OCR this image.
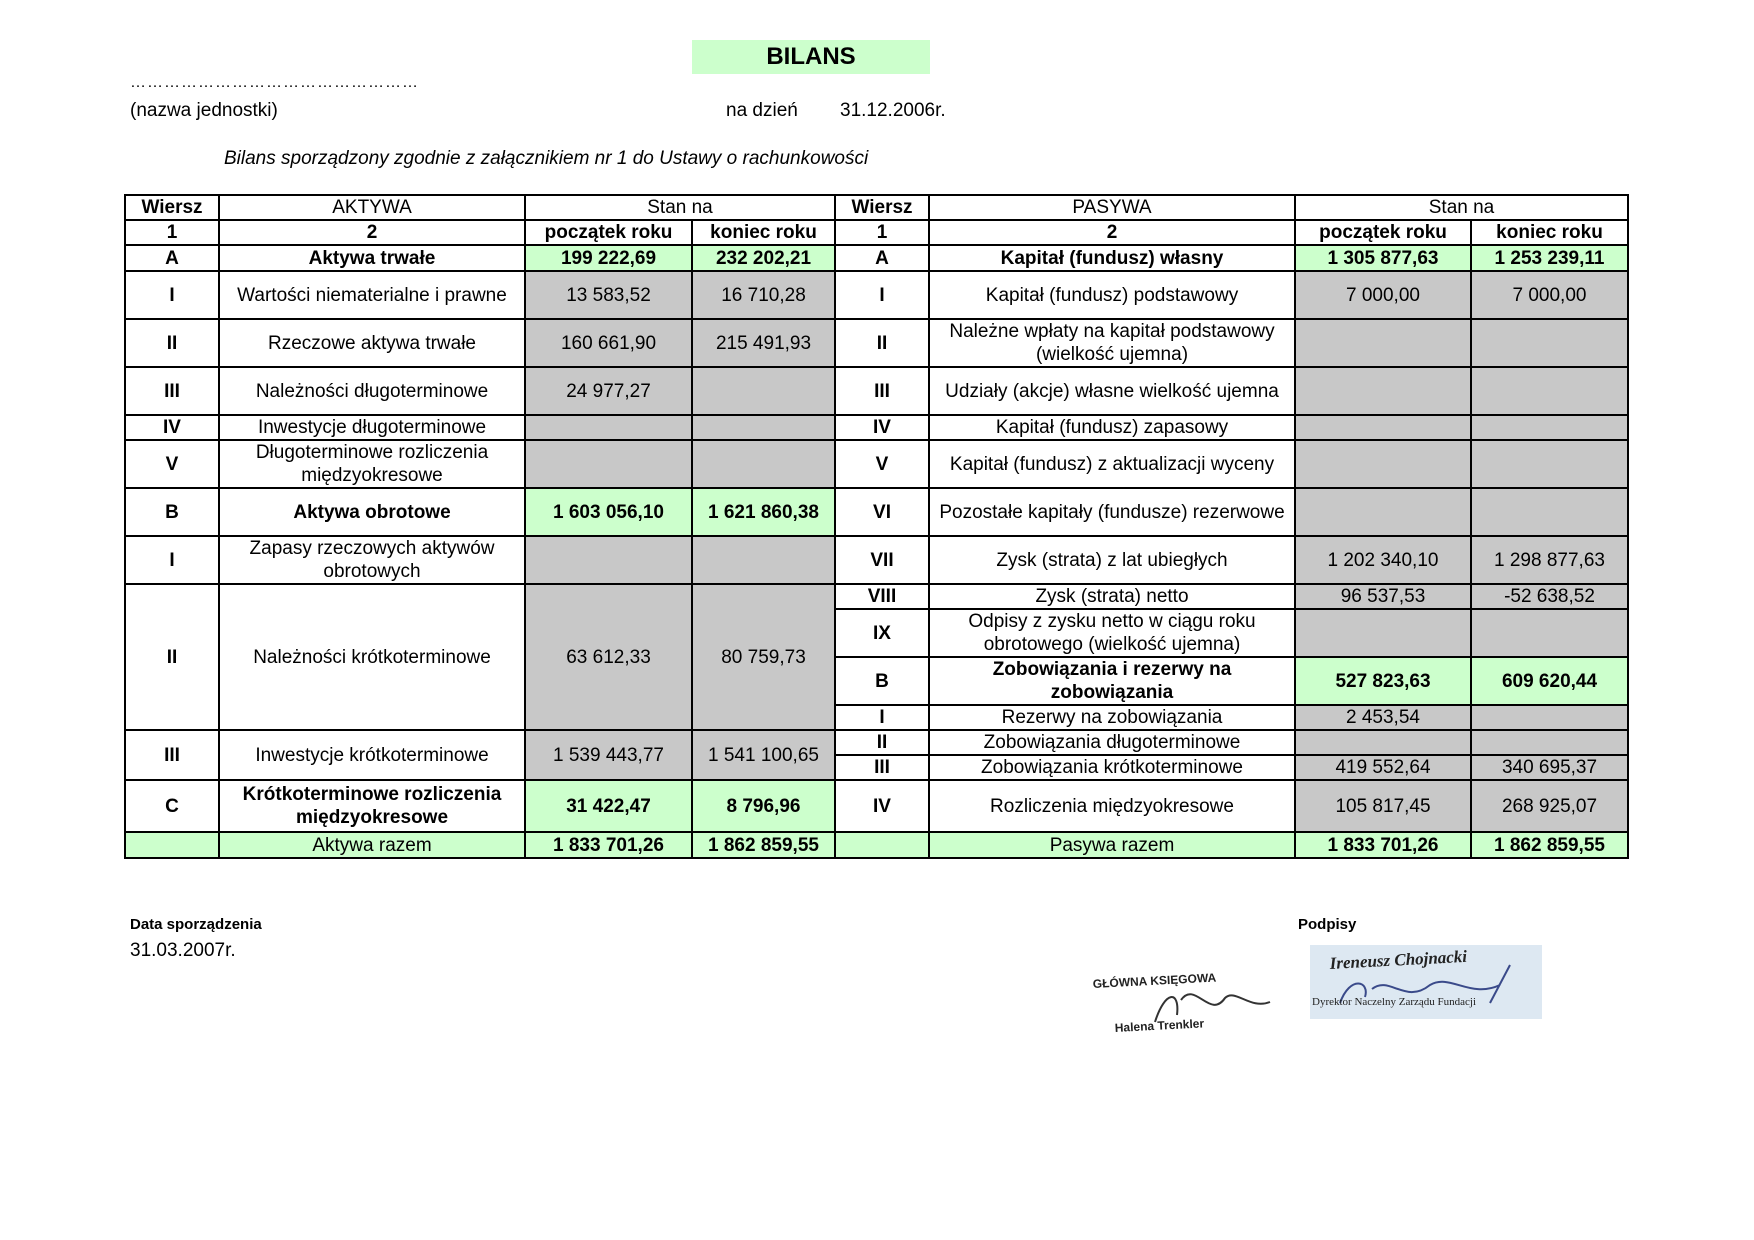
BILANS
……………………………………………
(nazwa jednostki)	na dzień 31.12.2006r.
Bilans sporządzony zgodnie z załącznikiem nr 1 do Ustawy o rachunkowości
Wiersz	AKTYWA	Stan na		Wiersz	PASYWA	Stan na	
1	2	początek roku	koniec roku	1	2	początek roku	koniec roku
A	Aktywa trwałe	199 222,69	232 202,21	A	Kapitał (fundusz) własny	1 305 877,63	1 253 239,11
I	Wartości niematerialne i prawne	13 583,52	16 710,28	I	Kapitał (fundusz) podstawowy	7 000,00	7 000,00
II	Rzeczowe aktywa trwałe	160 661,90	215 491,93	II	Należne wpłaty na kapitał podstawowy (wielkość ujemna)		
III	Należności długoterminowe	24 977,27		III	Udziały (akcje) własne wielkość ujemna		
IV	Inwestycje długoterminowe			IV	Kapitał (fundusz) zapasowy		
V	Długoterminowe rozliczenia międzyokresowe			V	Kapitał (fundusz) z aktualizacji wyceny		
B	Aktywa obrotowe	1 603 056,10	1 621 860,38	VI	Pozostałe kapitały (fundusze) rezerwowe		
I	Zapasy rzeczowych aktywów obrotowych			VII	Zysk (strata) z lat ubiegłych	1 202 340,10	1 298 877,63
II	Należności krótkoterminowe	63 612,33	80 759,73	VIII	Zysk (strata) netto	96 537,53	-52 638,52
				IX	Odpisy z zysku netto w ciągu roku obrotowego (wielkość ujemna)		
				B	Zobowiązania i rezerwy na zobowiązania	527 823,63	609 620,44
				I	Rezerwy na zobowiązania	2 453,54	
III	Inwestycje krótkoterminowe	1 539 443,77	1 541 100,65	II	Zobowiązania długoterminowe		
				III	Zobowiązania krótkoterminowe	419 552,64	340 695,37
C	Krótkoterminowe rozliczenia międzyokresowe	31 422,47	8 796,96	IV	Rozliczenia międzyokresowe	105 817,45	268 925,07
	Aktywa razem	1 833 701,26	1 862 859,55		Pasywa razem	1 833 701,26	1 862 859,55
Data sporządzenia
31.03.2007r.
Podpisy
GŁÓWNA KSIĘGOWA
Halena Trenkler
Ireneusz Chojnacki
Dyrektor Naczelny Zarządu Fundacji
